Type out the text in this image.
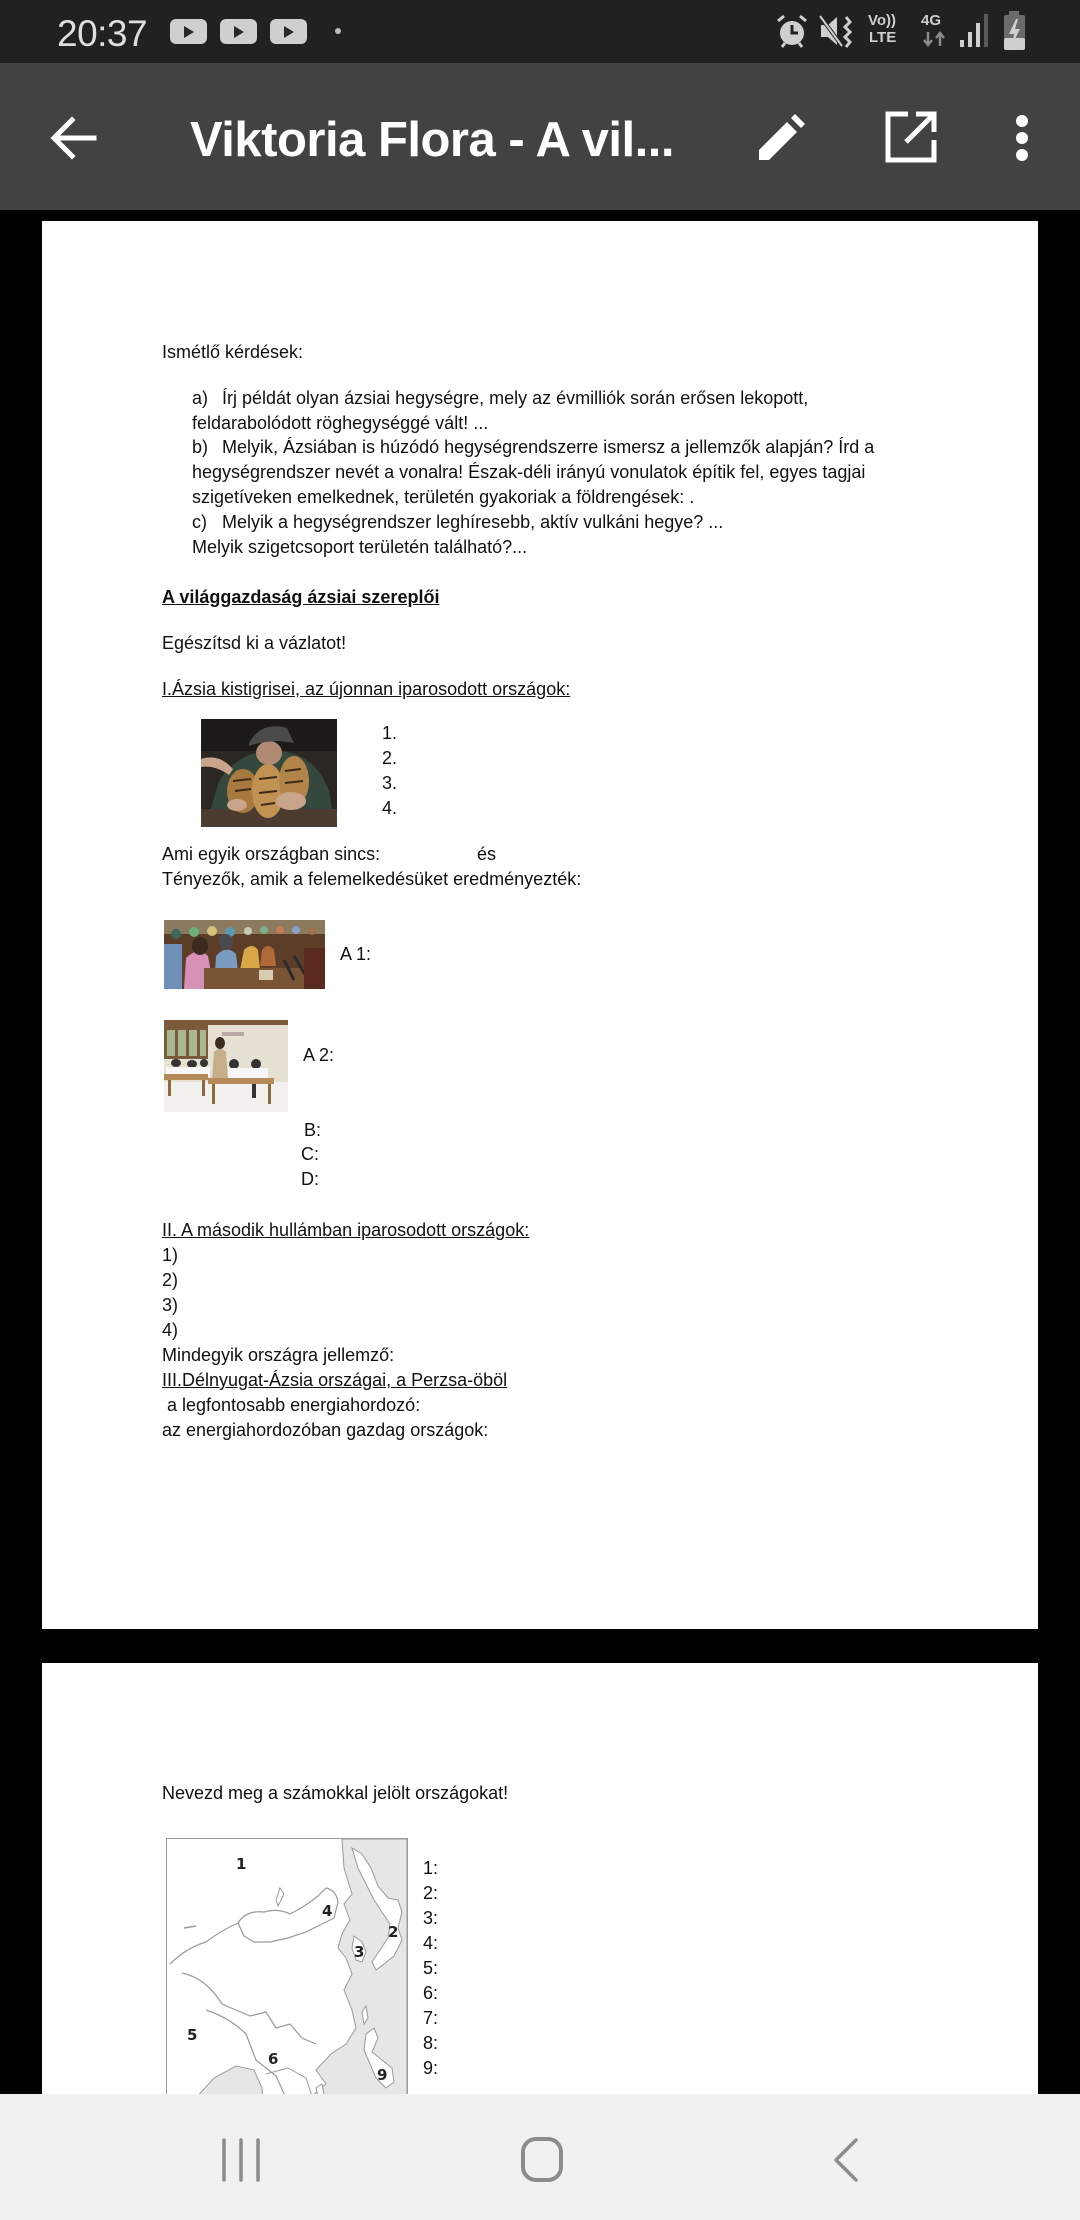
20:37	Vo))
LTE
4G
Viktoria Flora - A vil...
Ismétlő kérdések:
a) Írj példát olyan ázsiai hegységre, mely az évmilliók során erősen lekopott,
feldarabolódott röghegységgé vált! ...
b) Melyik, Ázsiában is húzódó hegységrendszerre ismersz a jellemzők alapján? Írd a
hegységrendszer nevét a vonalra! Észak-déli irányú vonulatok építik fel, egyes tagjai
szigetíveken emelkednek, területén gyakoriak a földrengések: .
c) Melyik a hegységrendszer leghíresebb, aktív vulkáni hegye? ...
Melyik szigetcsoport területén található?...
A világgazdaság ázsiai szereplői
Egészítsd ki a vázlatot!
I.Ázsia kistigrisei, az újonnan iparosodott országok:
1.
2.
3.
4.
Ami egyik országban sincs:	és
Tényezők, amik a felemelkedésüket eredményezték:
A 1:
A 2:
B:
C:
D:
II. A második hullámban iparosodott országok:
1)
2)
3)
4)
Mindegyik országra jellemző:
III.Délnyugat-Ázsia országai, a Perzsa-öböl
a legfontosabb energiahordozó:
az energiahordozóban gazdag országok:
Nevezd meg a számokkal jelölt országokat!
1
2
3
4
5
6
9
1:
2:
3:
4:
5:
6:
7:
8:
9:
